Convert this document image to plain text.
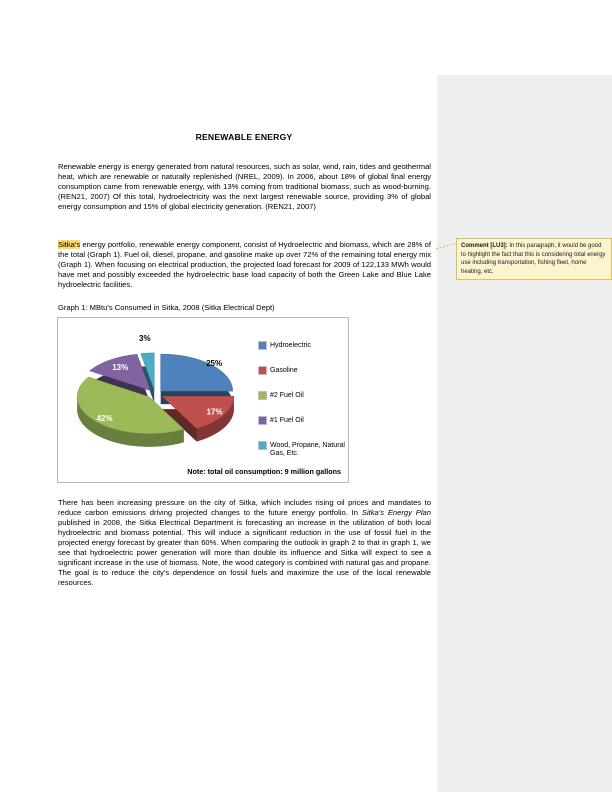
RENEWABLE ENERGY
Renewable energy is energy generated from natural resources, such as solar, wind, rain, tides and geothermal heat, which are renewable or naturally replenished (NREL, 2009). In 2006, about 18% of global final energy consumption came from renewable energy, with 13% coming from traditional biomass, such as wood-burning.(REN21, 2007) Of this total, hydroelectricity was the next largest renewable source, providing 3% of global energy consumption and 15% of global electricity generation. (REN21, 2007)
Sitka's energy portfolio, renewable energy component, consist of Hydroelectric and biomass, which are 28% of the total (Graph 1). Fuel oil, diesel, propane, and gasoline make up over 72% of the remaining total energy mix (Graph 1). When focusing on electrical production, the projected load forecast for 2009 of 122,133 MWh would have met and possibly exceeded the hydroelectric base load capacity of both the Green Lake and Blue Lake hydroelectric facilities.
Comment [LU3]: In this paragraph, it would be good to highlight the fact that this is considering total energy use including transportation, fishing fleet, home heating, etc.
Graph 1: MBtu's Consumed in Sitka, 2008 (Sitka Electrical Dept)
25%
17%
42%
13%
3%
Hydroelectric
Gasoline
#2 Fuel Oil
#1 Fuel Oil
Wood, Propane, Natural Gas, Etc.
Note: total oil consumption: 9 million gallons
There has been increasing pressure on the city of Sitka, which includes rising oil prices and mandates to reduce carbon emissions driving projected changes to the future energy portfolio. In Sitka's Energy Plan published in 2008, the Sitka Electrical Department is forecasting an increase in the utilization of both local hydroelectric and biomass potential. This will induce a significant reduction in the use of fossil fuel in the projected energy forecast by greater than 60%. When comparing the outlook in graph 2 to that in graph 1, we see that hydroelectric power generation will more than double its influence and Sitka will expect to see a significant increase in the use of biomass. Note, the wood category is combined with natural gas and propane. The goal is to reduce the city's dependence on fossil fuels and maximize the use of the local renewable resources.
